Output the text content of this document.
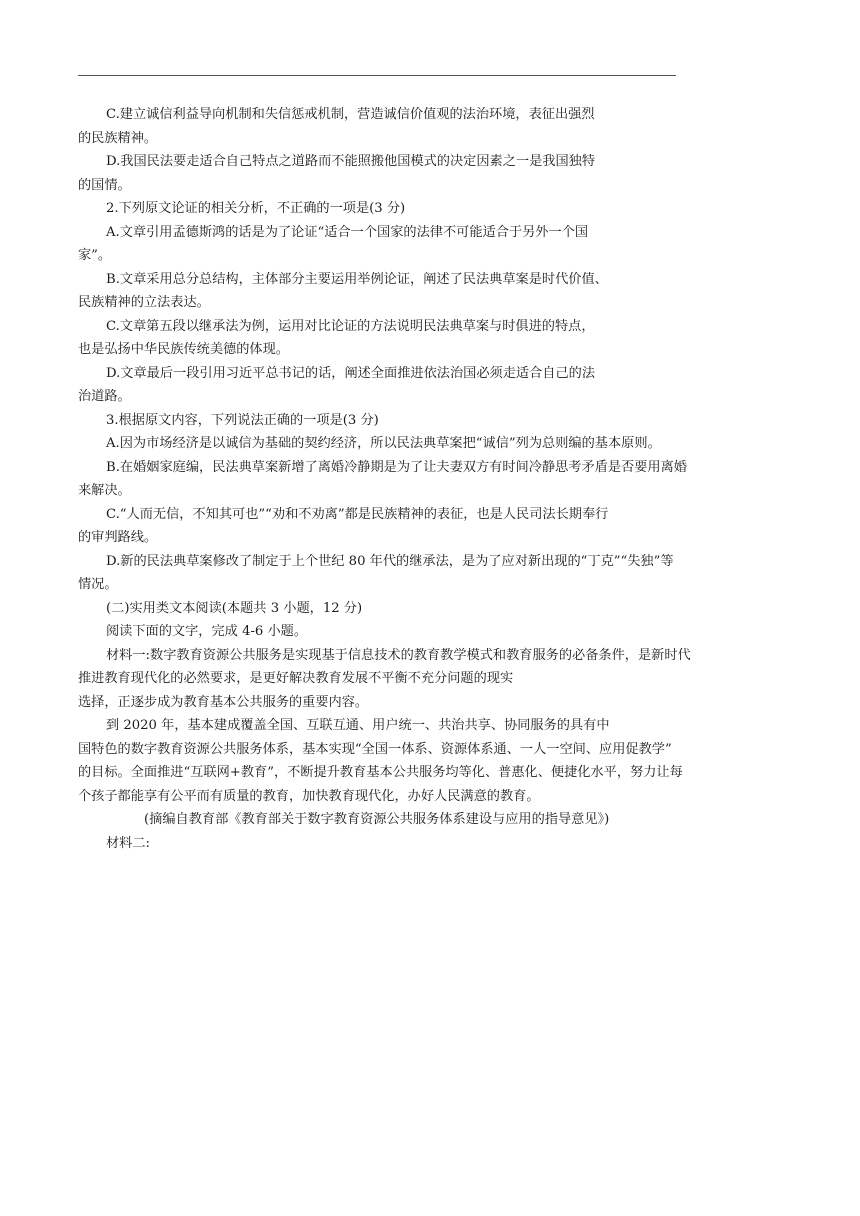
C.建立诚信利益导向机制和失信惩戒机制，营造诚信价值观的法治环境，表征出强烈
的民族精神。
D.我国民法要走适合自己特点之道路而不能照搬他国模式的决定因素之一是我国独特
的国情。
2.下列原文论证的相关分析，不正确的一项是(3 分)
A.文章引用孟德斯鸿的话是为了论证“适合一个国家的法律不可能适合于另外一个国
家”。
B.文章采用总分总结构，主体部分主要运用举例论证，阐述了民法典草案是时代价值、
民族精神的立法表达。
C.文章第五段以继承法为例，运用对比论证的方法说明民法典草案与时俱进的特点，
也是弘扬中华民族传统美德的体现。
D.文章最后一段引用习近平总书记的话，阐述全面推进依法治国必须走适合自己的法
治道路。
3.根据原文内容，下列说法正确的一项是(3 分)
A.因为市场经济是以诚信为基础的契约经济，所以民法典草案把“诚信”列为总则编的基本原则。
B.在婚姻家庭编，民法典草案新增了离婚冷静期是为了让夫妻双方有时间冷静思考矛盾是否要用离婚
来解决。
C.“人而无信，不知其可也”“劝和不劝离”都是民族精神的表征，也是人民司法长期奉行
的审判路线。
D.新的民法典草案修改了制定于上个世纪 80 年代的继承法，是为了应对新出现的“丁克”“失独”等
情况。
(二)实用类文本阅读(本题共 3 小题，12 分)
阅读下面的文字，完成 4-6 小题。
材料一:数字教育资源公共服务是实现基于信息技术的教育教学模式和教育服务的必备条件，是新时代
推进教育现代化的必然要求，是更好解决教育发展不平衡不充分问题的现实
选择，正逐步成为教育基本公共服务的重要内容。
到 2020 年，基本建成覆盖全国、互联互通、用户统一、共治共享、协同服务的具有中
国特色的数字教育资源公共服务体系，基本实现“全国一体系、资源体系通、一人一空间、应用促教学”
的目标。全面推进“互联网+教育”，不断提升教育基本公共服务均等化、普惠化、便捷化水平，努力让每
个孩子都能享有公平而有质量的教育，加快教育现代化，办好人民满意的教育。
(摘编自教育部《教育部关于数字教育资源公共服务体系建设与应用的指导意见》)
材料二:
